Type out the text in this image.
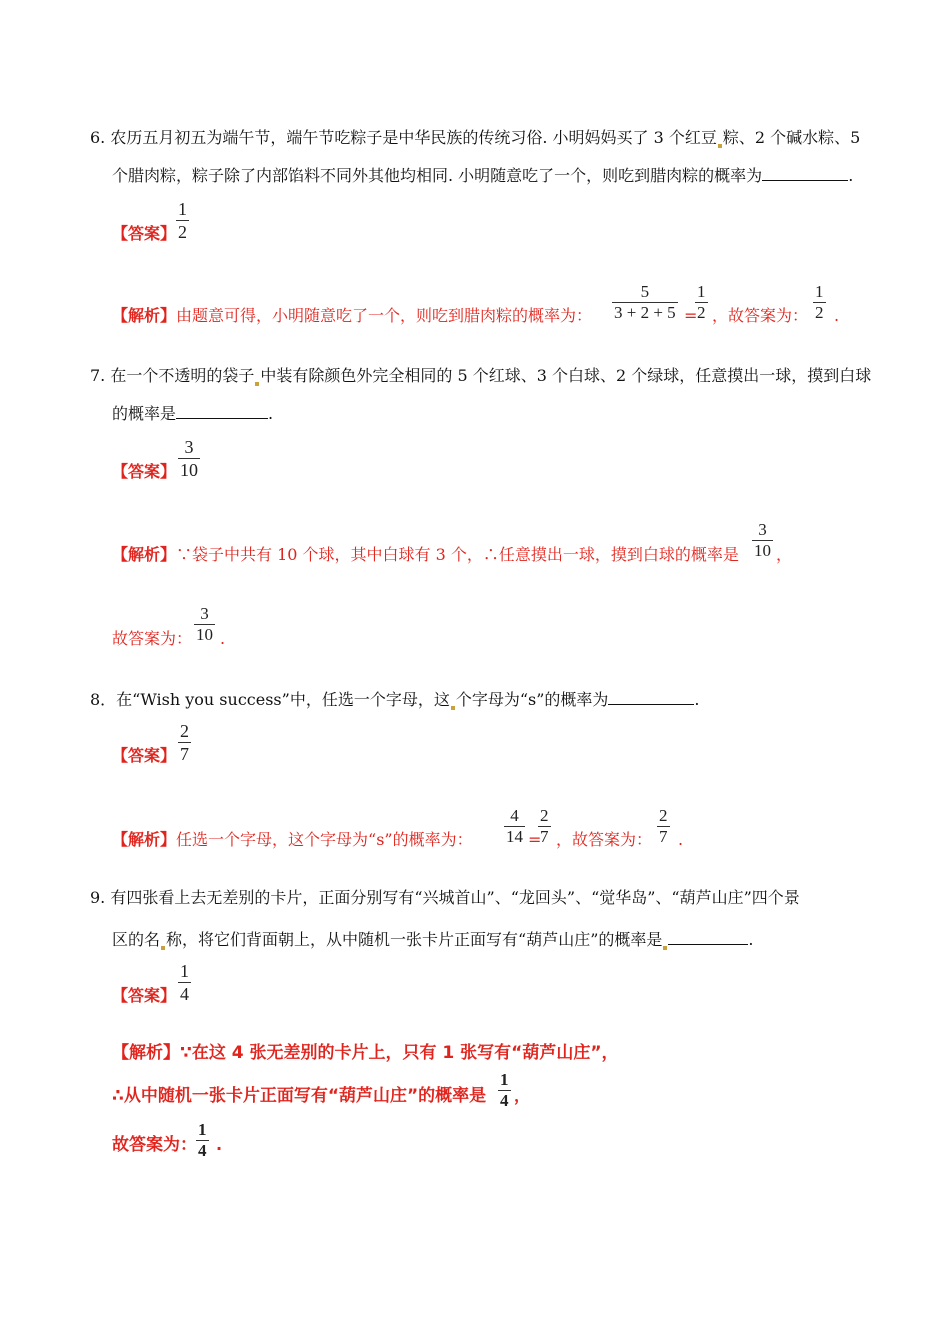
6. 农历五月初五为端午节，端午节吃粽子是中华民族的传统习俗. 小明妈妈买了 3 个红豆 粽、2 个碱水粽、5
个腊肉粽，粽子除了内部馅料不同外其他均相同. 小明随意吃了一个，则吃到腊肉粽的概率为	.
【答案】
1
2
【解析】由题意可得，小明随意吃了一个，则吃到腊肉粽的概率为：
5
3 + 2 + 5 =
1
2 ，故答案为：
1
2 .
7. 在一个不透明的袋子 中装有除颜色外完全相同的 5 个红球、3 个白球、2 个绿球，任意摸出一球，摸到白球
的概率是	.
【答案】
3
10
【解析】∵袋子中共有 10 个球，其中白球有 3 个，∴任意摸出一球，摸到白球的概率是
3
10 ，
故答案为：
3
10 .
8．在“Wish you success”中，任选一个字母，这 个字母为“s”的概率为	.
【答案】
2
7
【解析】任选一个字母，这个字母为“s”的概率为：
4
14 =
2
7 ，故答案为：
2
7 .
9. 有四张看上去无差别的卡片，正面分别写有“兴城首山”、“龙回头”、“觉华岛”、“葫芦山庄”四个景
区的名 称，将它们背面朝上，从中随机一张卡片正面写有“葫芦山庄”的概率是	.
【答案】
1
4
【解析】∵在这 4 张无差别的卡片上，只有 1 张写有“葫芦山庄”，
∴从中随机一张卡片正面写有“葫芦山庄”的概率是
1
4 ，
故答案为：
1
4 .
